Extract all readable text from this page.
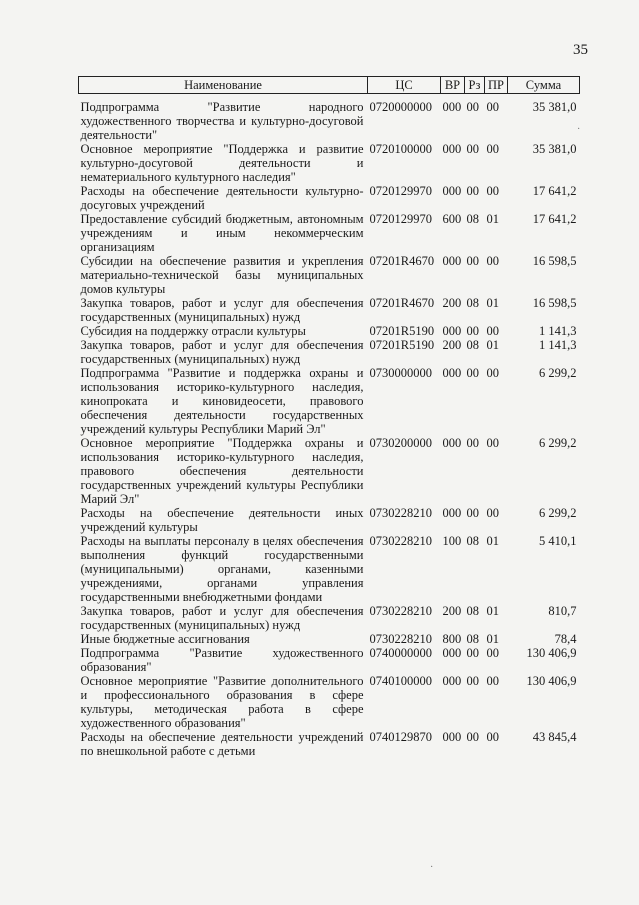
35
Наименование	ЦС	ВР	Рз	ПР	Сумма
Подпрограмма "Развитие народного художественного творчества и культурно-досуговой деятельности"	0720000000	000	00	00	35 381,0
Основное мероприятие "Поддержка и развитие культурно-досуговой деятельности и нематериального культурного наследия"	0720100000	000	00	00	35 381,0
Расходы на обеспечение деятельности культурно-досуговых учреждений	0720129970	000	00	00	17 641,2
Предоставление субсидий бюджетным, автономным учреждениям и иным некоммерческим организациям	0720129970	600	08	01	17 641,2
Субсидии на обеспечение развития и укрепления материально-технической базы муниципальных домов культуры	07201R4670	000	00	00	16 598,5
Закупка товаров, работ и услуг для обеспечения государственных (муниципальных) нужд	07201R4670	200	08	01	16 598,5
Субсидия на поддержку отрасли культуры	07201R5190	000	00	00	1 141,3
Закупка товаров, работ и услуг для обеспечения государственных (муниципальных) нужд	07201R5190	200	08	01	1 141,3
Подпрограмма "Развитие и поддержка охраны и использования историко-культурного наследия, кинопроката и киновидеосети, правового обеспечения деятельности государственных учреждений культуры Республики Марий Эл"	0730000000	000	00	00	6 299,2
Основное мероприятие "Поддержка охраны и использования историко-культурного наследия, правового обеспечения деятельности государственных учреждений культуры Республики Марий Эл"	0730200000	000	00	00	6 299,2
Расходы на обеспечение деятельности иных учреждений культуры	0730228210	000	00	00	6 299,2
Расходы на выплаты персоналу в целях обеспечения выполнения функций государственными (муниципальными) органами, казенными учреждениями, органами управления государственными внебюджетными фондами	0730228210	100	08	01	5 410,1
Закупка товаров, работ и услуг для обеспечения государственных (муниципальных) нужд	0730228210	200	08	01	810,7
Иные бюджетные ассигнования	0730228210	800	08	01	78,4
Подпрограмма "Развитие художественного образования"	0740000000	000	00	00	130 406,9
Основное мероприятие "Развитие дополнительного и профессионального образования в сфере культуры, методическая работа в сфере художественного образования"	0740100000	000	00	00	130 406,9
Расходы на обеспечение деятельности учреждений по внешкольной работе с детьми	0740129870	000	00	00	43 845,4
·
·
